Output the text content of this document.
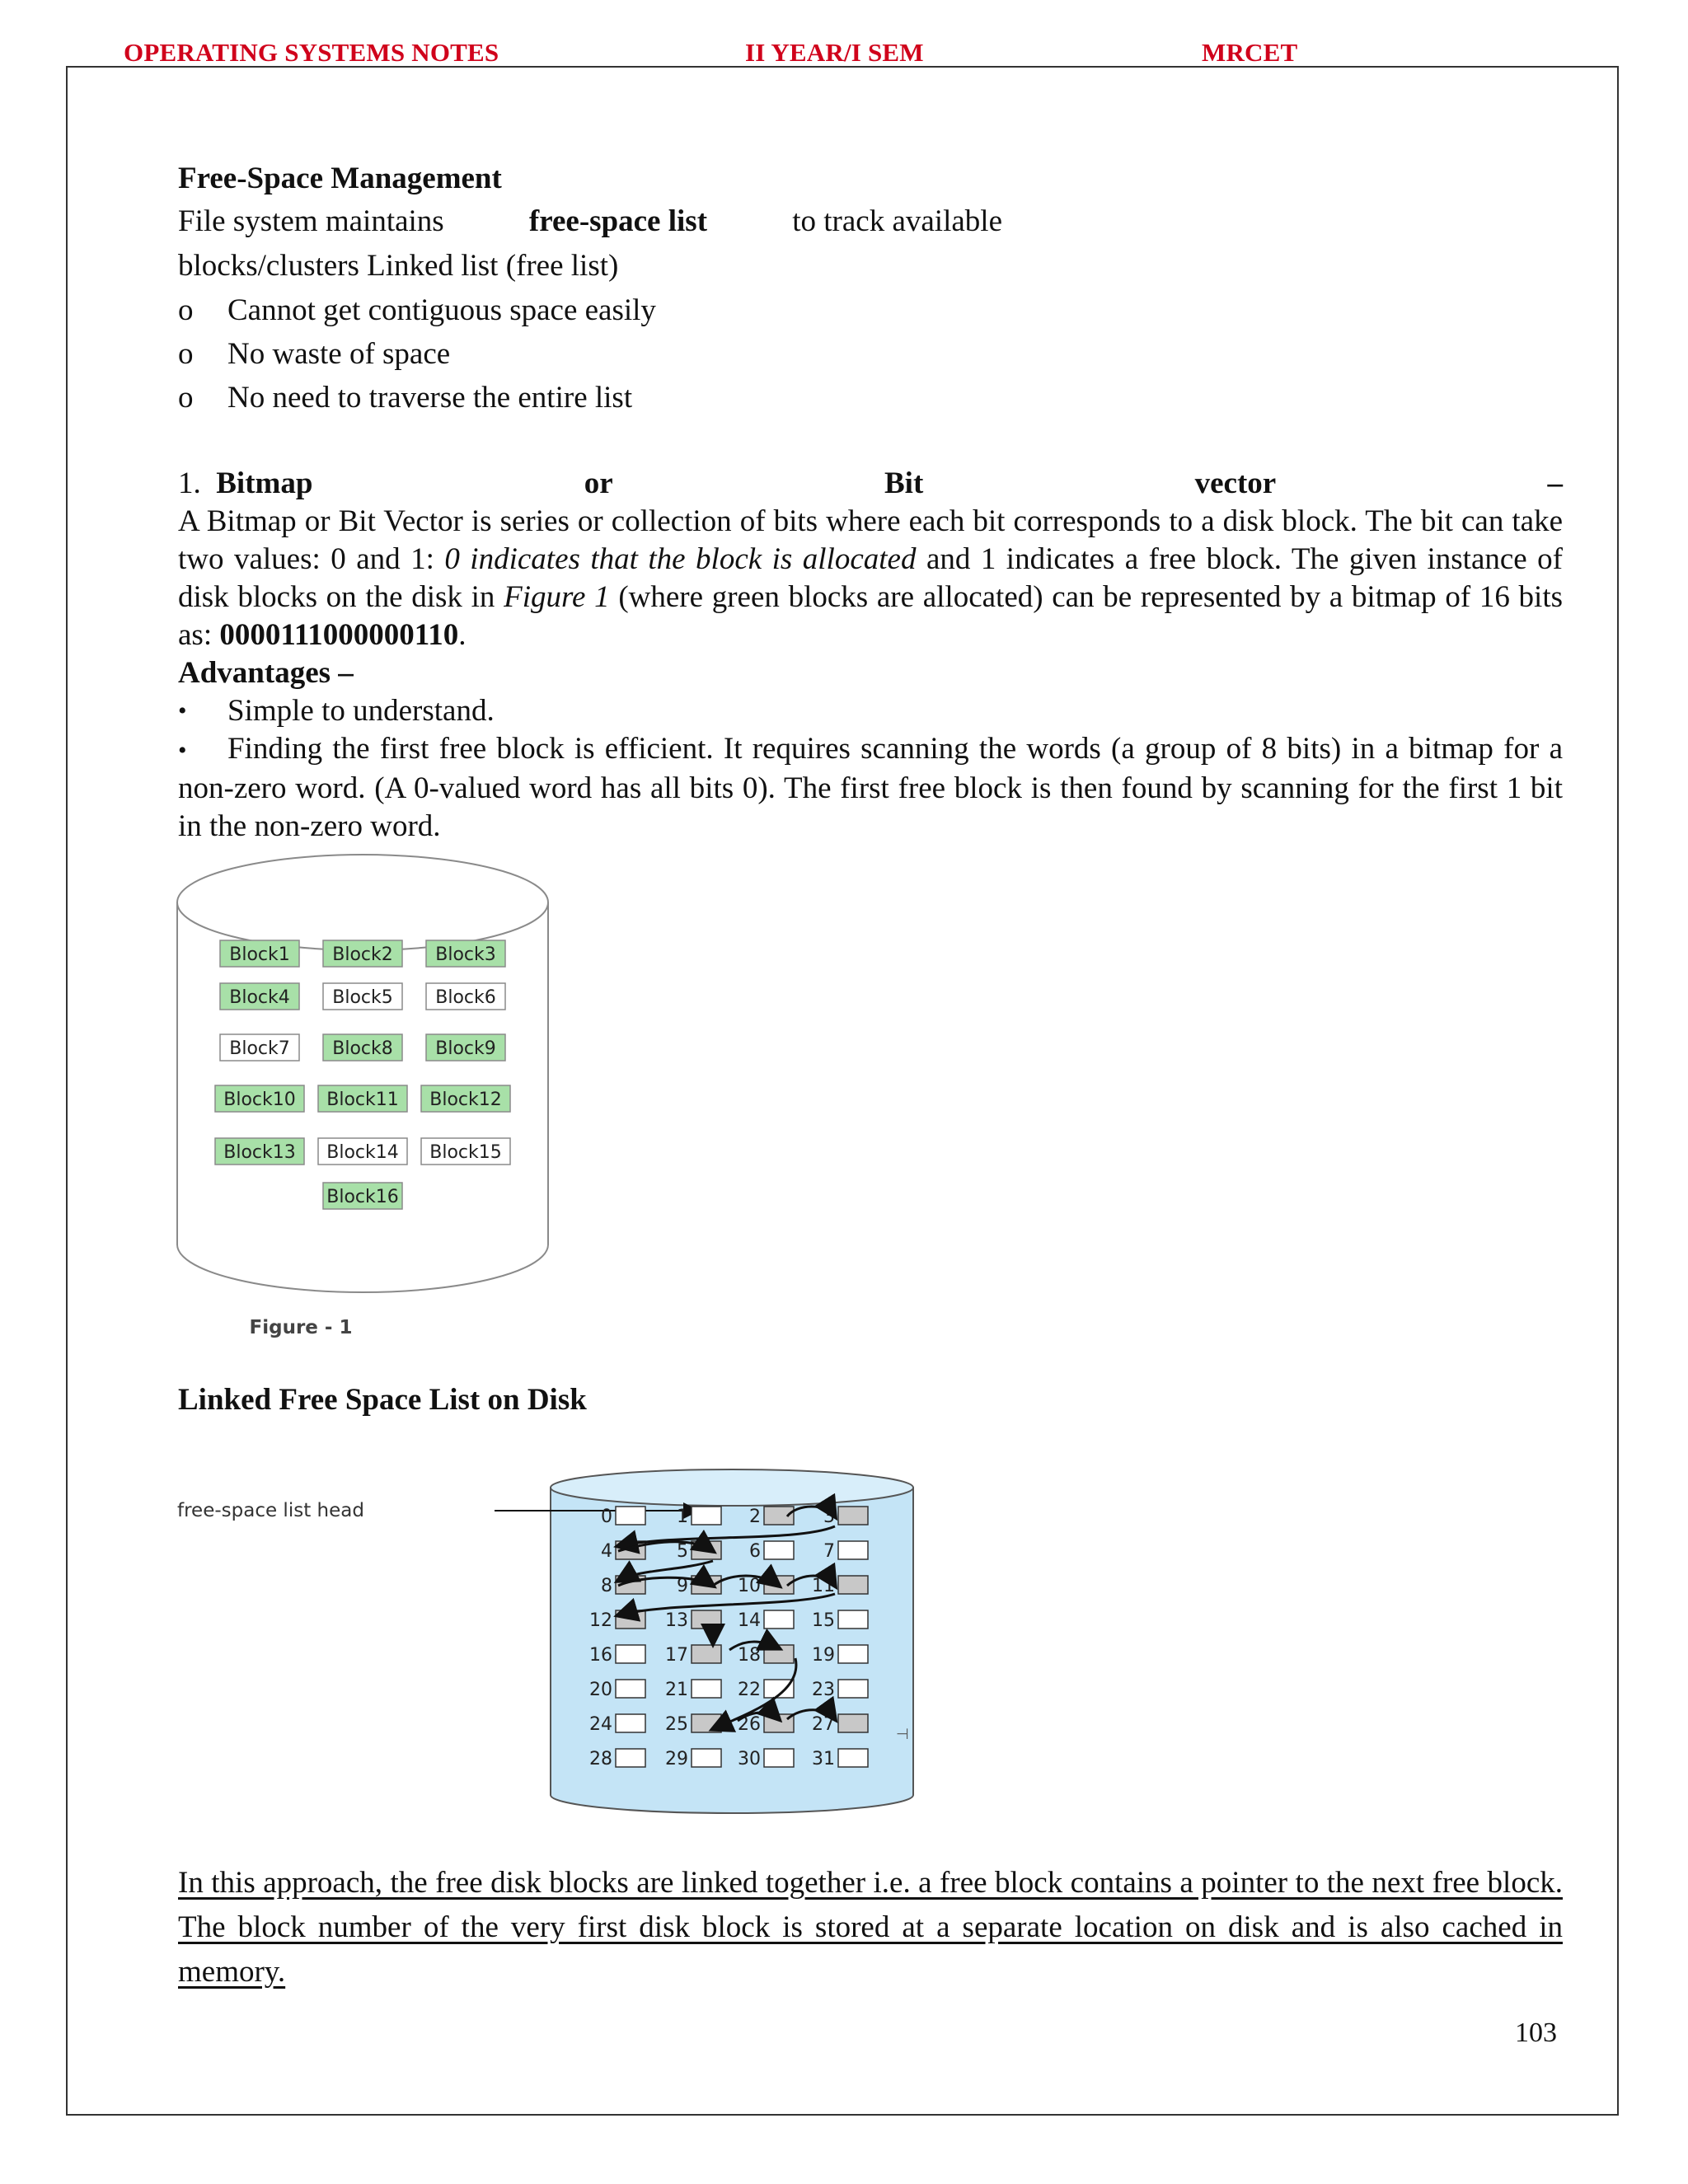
OPERATING SYSTEMS NOTES	II YEAR/I SEM	MRCET

Free-Space Management

File system maintains	free-space list	to track available

blocks/clusters Linked list (free list)

o	Cannot get contiguous space easily
o	No waste of space
o	No need to traverse the entire list
1. Bitmap	or	Bit	vector	–

A Bitmap or Bit Vector is series or collection of bits where each bit corresponds to a disk block. The bit can take two values: 0 and 1: 0 indicates that the block is allocated and 1 indicates a free block. The given instance of disk blocks on the disk in Figure 1 (where green blocks are allocated) can be represented by a bitmap of 16 bits as: 0000111000000110.

Advantages –

•	Simple to understand.
• Finding the first free block is efficient. It requires scanning the words (a group of 8 bits) in a bitmap for a non-zero word. (A 0-valued word has all bits 0). The first free block is then found by scanning for the first 1 bit in the non-zero word.
Block1 Block2 Block3
Block4 Block5 Block6
Block7 Block8 Block9
Block10 Block11 Block12
Block13 Block14 Block15
Block16
Figure - 1

Linked Free Space List on Disk

free-space list head	0	1	2	3
4	5	6	7
8	9	10	11
12	13	14	15
16	17	18	19
20	21	22	23
24	25	26	27
28	29	30	31
⊣

In this approach, the free disk blocks are linked together i.e. a free block contains a pointer to the next free block. The block number of the very first disk block is stored at a separate location on disk and is also cached in memory.

103
